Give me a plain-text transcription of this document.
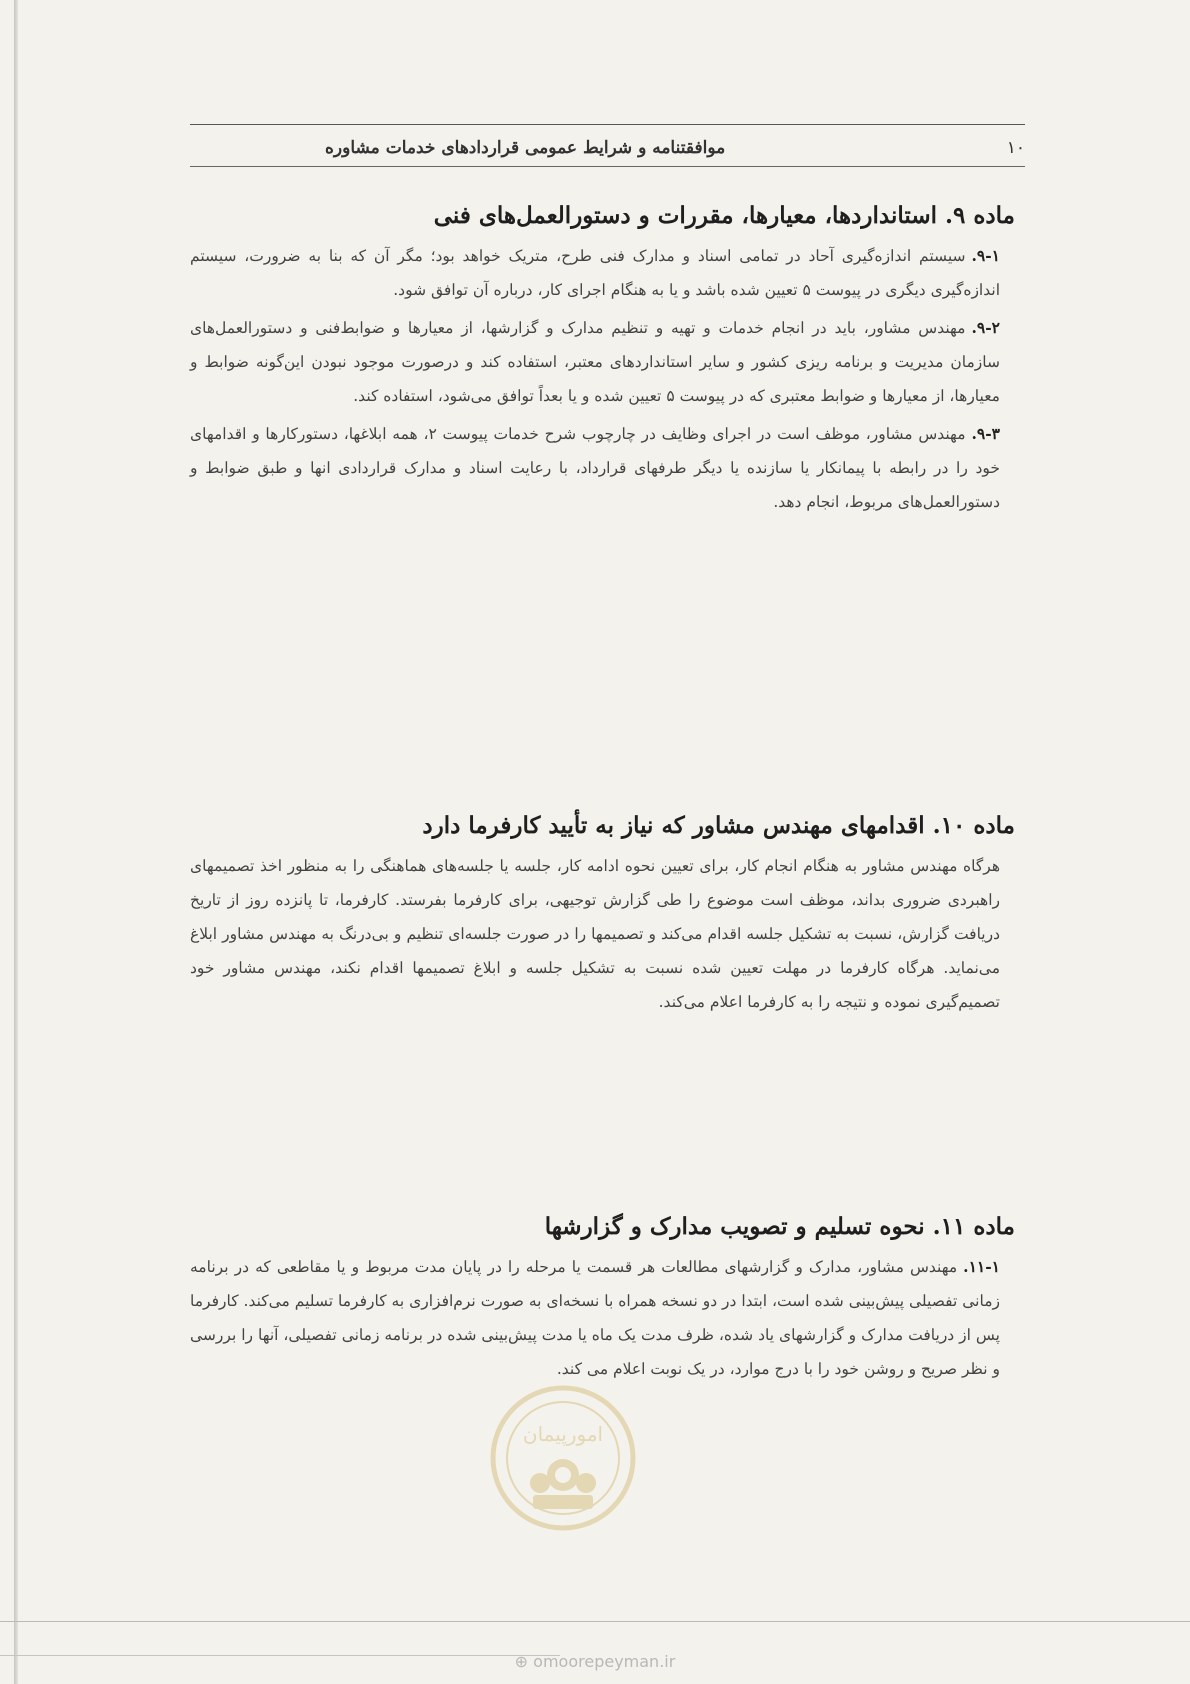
۱۰
موافقتنامه و شرایط عمومی قراردادهای خدمات مشاوره
ماده ۹. استانداردها، معیارها، مقررات و دستورالعمل‌های فنی

۹-۱.سیستم اندازه‌گیری آحاد در تمامی اسناد و مدارک فنی طرح، متریک خواهد بود؛ مگر آن که بنا به ضرورت، سیستم اندازه‌گیری دیگری در پیوست ۵ تعیین شده باشد و یا به هنگام اجرای کار، درباره آن توافق شود.

۹-۲.مهندس مشاور، باید در انجام خدمات و تهیه و تنظیم مدارک و گزارشها، از معیارها و ضوابط‌فنی و دستورالعمل‌های سازمان مدیریت و برنامه ریزی کشور و سایر استانداردهای معتبر، استفاده کند و درصورت موجود نبودن این‌گونه ضوابط و معیارها، از معیارها و ضوابط معتبری که در پیوست ۵ تعیین شده و یا بعداً توافق می‌شود، استفاده کند.

۹-۳.مهندس مشاور، موظف است در اجرای وظایف در چارچوب شرح خدمات پیوست ۲، همه ابلاغها، دستورکارها و اقدامهای خود را در رابطه با پیمانکار یا سازنده یا دیگر طرفهای قرارداد، با رعایت اسناد و مدارک قراردادی انها و طبق ضوابط و دستورالعمل‌های مربوط، انجام دهد.

ماده ۱۰. اقدامهای مهندس مشاور که نیاز به تأیید کارفرما دارد

هرگاه مهندس مشاور به هنگام انجام کار، برای تعیین نحوه ادامه کار، جلسه یا جلسه‌های هماهنگی را به منظور اخذ تصمیمهای راهبردی ضروری بداند، موظف است موضوع را طی گزارش توجیهی، برای کارفرما بفرستد. کارفرما، تا پانزده روز از تاریخ دریافت گزارش، نسبت به تشکیل جلسه اقدام می‌کند و تصمیمها را در صورت جلسه‌ای تنظیم و بی‌درنگ به مهندس مشاور ابلاغ می‌نماید. هرگاه کارفرما در مهلت تعیین شده نسبت به تشکیل جلسه و ابلاغ تصمیمها اقدام نکند، مهندس مشاور خود تصمیم‌گیری نموده و نتیجه را به کارفرما اعلام می‌کند.

ماده ۱۱. نحوه تسلیم و تصویب مدارک و گزارشها

۱۱-۱.مهندس مشاور، مدارک و گزارشهای مطالعات هر قسمت یا مرحله را در پایان مدت مربوط و یا مقاطعی که در برنامه زمانی تفصیلی پیش‌بینی شده است، ابتدا در دو نسخه همراه با نسخه‌ای به صورت نرم‌افزاری به کارفرما تسلیم می‌کند. کارفرما پس از دریافت مدارک و گزارشهای یاد شده، ظرف مدت یک ماه یا مدت پیش‌بینی شده در برنامه زمانی تفصیلی، آنها را بررسی و نظر صریح و روشن خود را با درج موارد، در یک نوبت اعلام می کند.

امورپیمان
⊕ omoorepeyman.ir
